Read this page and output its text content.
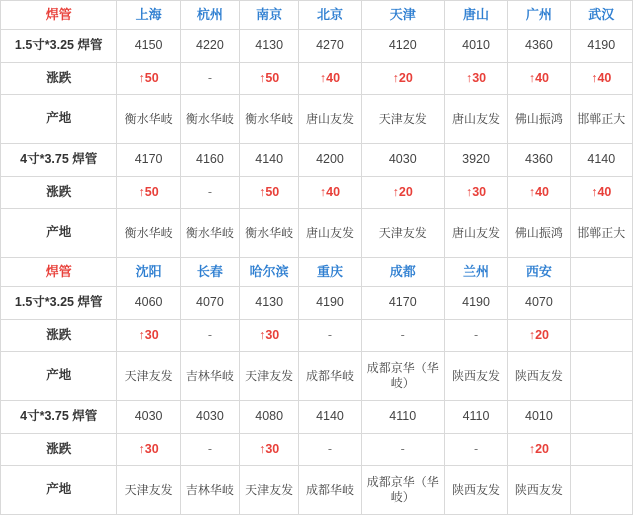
焊管	上海	杭州	南京	北京	天津	唐山	广州	武汉
1.5寸*3.25 焊管	4150	4220	4130	4270	4120	4010	4360	4190
涨跌	↑50	-	↑50	↑40	↑20	↑30	↑40	↑40
产地	衡水华岐	衡水华岐	衡水华岐	唐山友发	天津友发	唐山友发	佛山振鸿	邯郸正大
4寸*3.75 焊管	4170	4160	4140	4200	4030	3920	4360	4140
涨跌	↑50	-	↑50	↑40	↑20	↑30	↑40	↑40
产地	衡水华岐	衡水华岐	衡水华岐	唐山友发	天津友发	唐山友发	佛山振鸿	邯郸正大
焊管	沈阳	长春	哈尔滨	重庆	成都	兰州	西安	
1.5寸*3.25 焊管	4060	4070	4130	4190	4170	4190	4070	
涨跌	↑30	-	↑30	-	-	-	↑20	
产地	天津友发	吉林华岐	天津友发	成都华岐	成都京华（华岐）	陕西友发	陕西友发	
4寸*3.75 焊管	4030	4030	4080	4140	4110	4110	4010	
涨跌	↑30	-	↑30	-	-	-	↑20	
产地	天津友发	吉林华岐	天津友发	成都华岐	成都京华（华岐）	陕西友发	陕西友发	
